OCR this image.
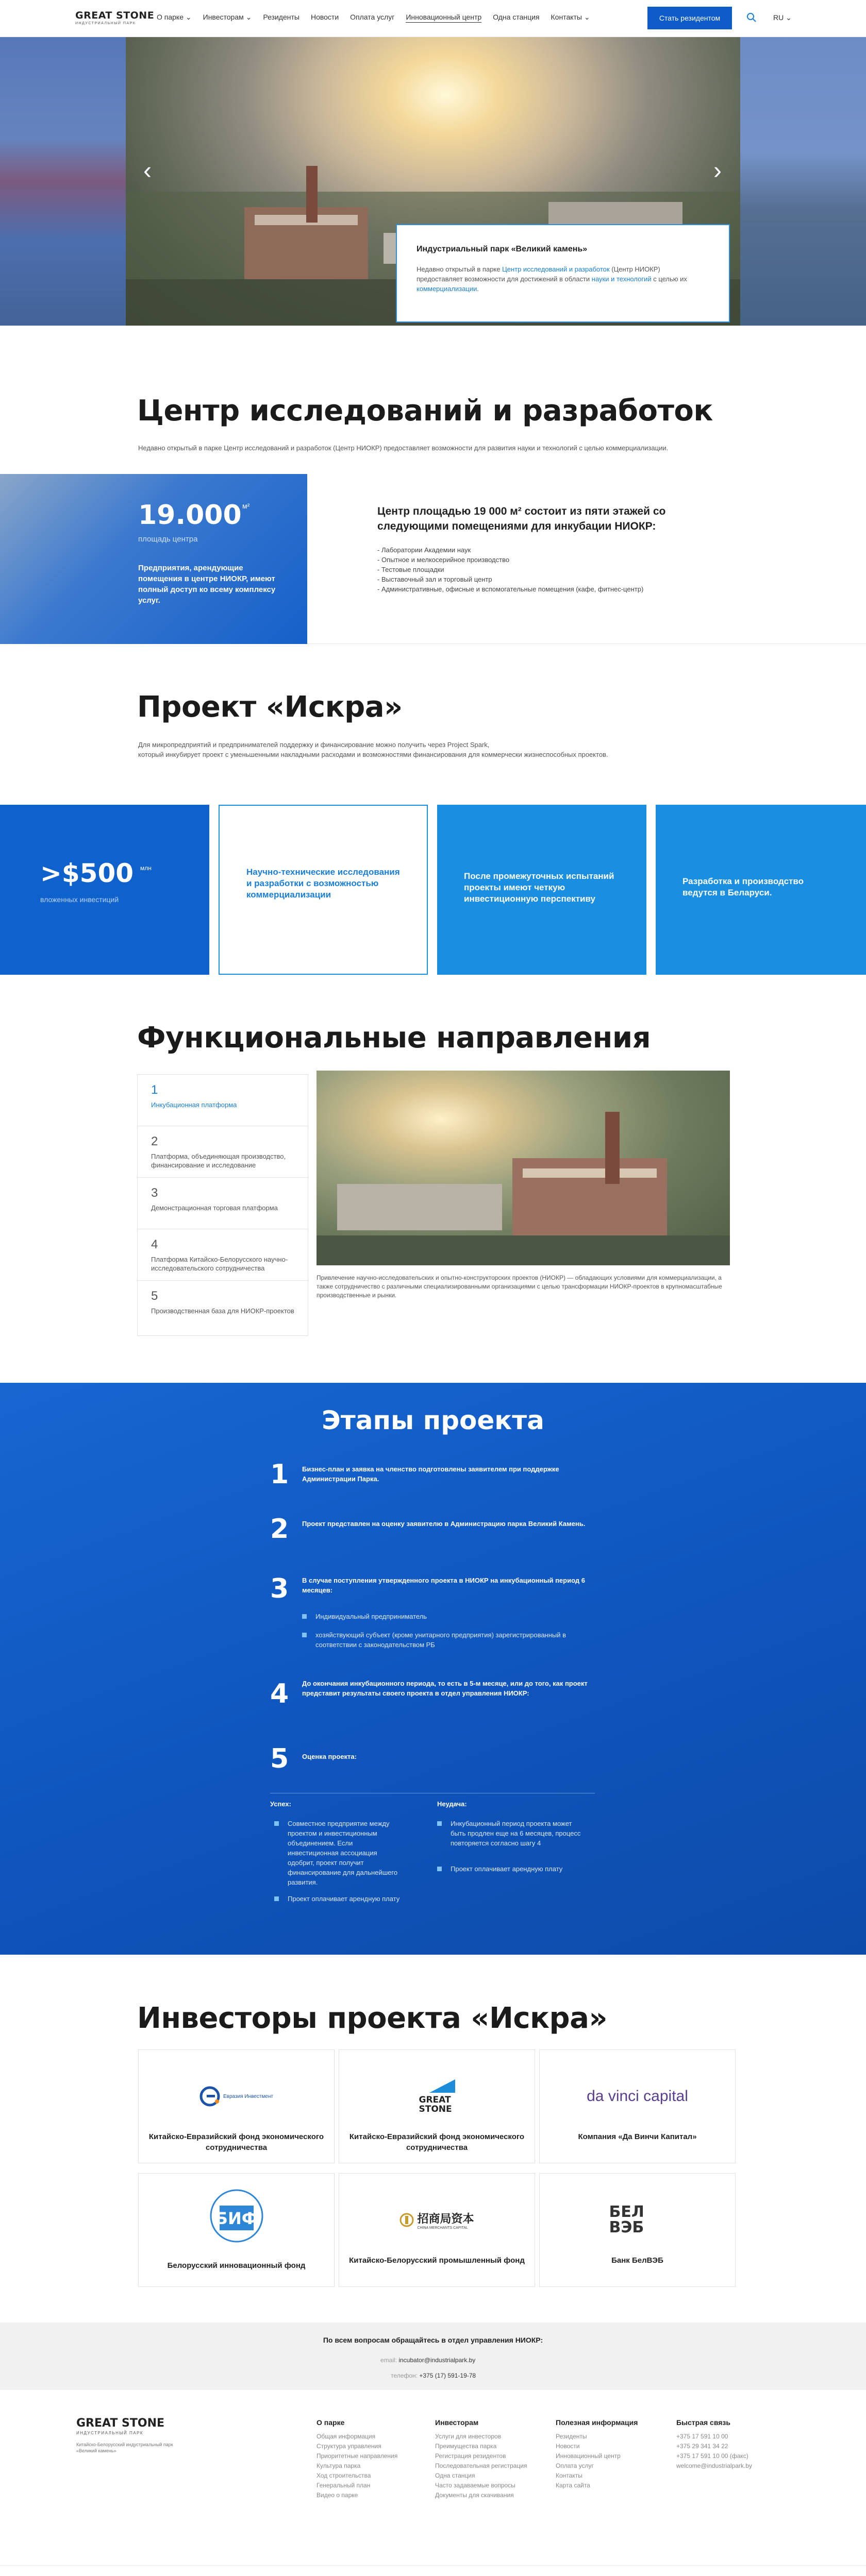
GREAT STONE
ИНДУСТРИАЛЬНЫЙ ПАРК
О парке ⌄ Инвесторам ⌄ Резиденты Новости Оплата услуг Инновационный центр Одна станция Контакты ⌄	Стать резидентом	RU ⌄
‹	›
Индустриальный парк «Великий камень»

Недавно открытый в парке Центр исследований и разработок (Центр НИОКР) предоставляет возможности для достижений в области науки и технологий с целью их коммерциализации.

Центр исследований и разработок
Недавно открытый в парке Центр исследований и разработок (Центр НИОКР) предоставляет возможности для развития науки и технологий с целью коммерциализации.
19.000 м²
площадь центра
Предприятия, арендующие помещения в центре НИОКР, имеют полный доступ ко всему комплексу услуг.
Центр площадью 19 000 м² состоит из пяти этажей со следующими помещениями для инкубации НИОКР:
- Лаборатории Академии наук
- Опытное и мелкосерийное производство
- Тестовые площадки
- Выставочный зал и торговый центр
- Административные, офисные и вспомогательные помещения (кафе, фитнес-центр)
Проект «Искра»
Для микропредприятий и предпринимателей поддержку и финансирование можно получить через Project Spark,
который инкубирует проект с уменьшенными накладными расходами и возможностями финансирования для коммерчески жизнеспособных проектов.
>$500 млн
вложенных инвестиций
Научно-технические исследования и разработки с возможностью коммерциализации
После промежуточных испытаний проекты имеют четкую инвестиционную перспективу
Разработка и производство ведутся в Беларуси.
Функциональные направления
1
Инкубационная платформа
2
Платформа, объединяющая производство, финансирование и исследование
3
Демонстрационная торговая платформа
4
Платформа Китайско-Белорусского научно-исследовательского сотрудничества
5
Производственная база для НИОКР-проектов
Привлечение научно-исследовательских и опытно-конструкторских проектов (НИОКР) — обладающих условиями для коммерциализации, а также сотрудничество с различными специализированными организациями с целью трансформации НИОКР-проектов в крупномасштабные производственные и рынки.
Этапы проекта
1 Бизнес-план и заявка на членство подготовлены заявителем при поддержке Администрации Парка.
2 Проект представлен на оценку заявителю в Администрацию парка Великий Камень.
3 В случае поступления утвержденного проекта в НИОКР на инкубационный период 6 месяцев:
Индивидуальный предприниматель
хозяйствующий субъект (кроме унитарного предприятия) зарегистрированный в соответствии с законодательством РБ
4 До окончания инкубационного периода, то есть в 5-м месяце, или до того, как проект представит результаты своего проекта в отдел управления НИОКР:
5 Оценка проекта:
Успех:
Совместное предприятие между проектом и инвестиционным объединением. Если инвестиционная ассоциация одобрит, проект получит финансирование для дальнейшего развития.
Проект оплачивает арендную плату
Неудача:
Инкубационный период проекта может быть продлен еще на 6 месяцев, процесс повторяется согласно шагу 4
Проект оплачивает арендную плату
Инвесторы проекта «Искра»
Евразия Инвестмент
Китайско-Евразийский фонд экономического сотрудничества
GREAT STONE
Китайско-Евразийский фонд экономического сотрудничества
da vinci capital
Компания «Да Винчи Капитал»
БИФ
Белорусский инновационный фонд
招商局资本
CHINA MERCHANTS CAPITAL
Китайско-Белорусский промышленный фонд
БЕЛ ВЭБ
Банк БелВЭБ
По всем вопросам обращайтесь в отдел управления НИОКР:
email: incubator@industrialpark.by
телефон: +375 (17) 591-19-78
GREAT STONE
ИНДУСТРИАЛЬНЫЙ ПАРК
Китайско-Белорусский индустриальный парк «Великий камень»
О парке
Общая информация
Структура управления
Приоритетные направления
Культура парка
Ход строительства
Генеральный план
Видео о парке
Инвесторам
Услуги для инвесторов
Преимущества парка
Регистрация резидентов
Последовательная регистрация
Одна станция
Часто задаваемые вопросы
Документы для скачивания
Полезная информация
Резиденты
Новости
Инновационный центр
Оплата услуг
Контакты
Карта сайта
Быстрая связь
+375 17 591 10 00
+375 29 341 34 22
+375 17 591 10 00 (факс)
welcome@industrialpark.by
